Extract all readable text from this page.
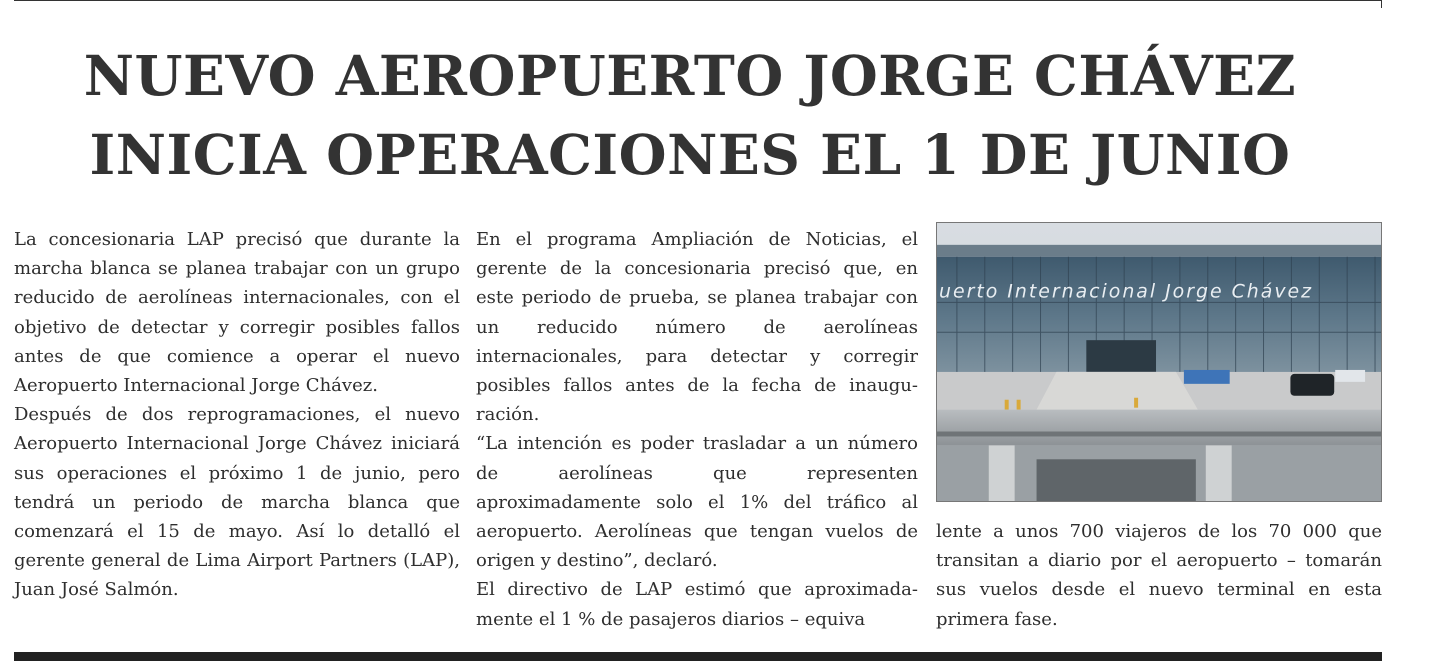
NUEVO AEROPUERTO JORGE CHÁVEZ
INICIA OPERACIONES EL 1 DE JUNIO

La concesionaria LAP precisó que durante la marcha blanca se planea trabajar con un grupo reducido de aerolíneas internacionales, con el objetivo de detectar y corregir posibles fallos antes de que comience a operar el nuevo Aeropuerto Internacional Jorge Chávez.

Después de dos reprogramaciones, el nuevo Aeropuerto Internacional Jorge Chávez iniciará sus operaciones el próximo 1 de junio, pero tendrá un periodo de marcha blanca que comenzará el 15 de mayo. Así lo detalló el gerente general de Lima Airport Partners (LAP), Juan José Salmón.

En el programa Ampliación de Noticias, el gerente de la concesionaria precisó que, en este periodo de prueba, se planea trabajar con un reducido número de aerolíneas internacionales, para detectar y corregir posibles fallos antes de la fecha de inauguración.

“La intención es poder trasladar a un número de aerolíneas que representen aproximadamente solo el 1% del tráfico al aeropuerto. Aerolíneas que tengan vuelos de origen y destino”, declaró.

El directivo de LAP estimó que aproximadamente el 1 % de pasajeros diarios – equiva

uerto Internacional Jorge Chávez

lente a unos 700 viajeros de los 70 000 que transitan a diario por el aeropuerto – tomarán sus vuelos desde el nuevo terminal en esta primera fase.
